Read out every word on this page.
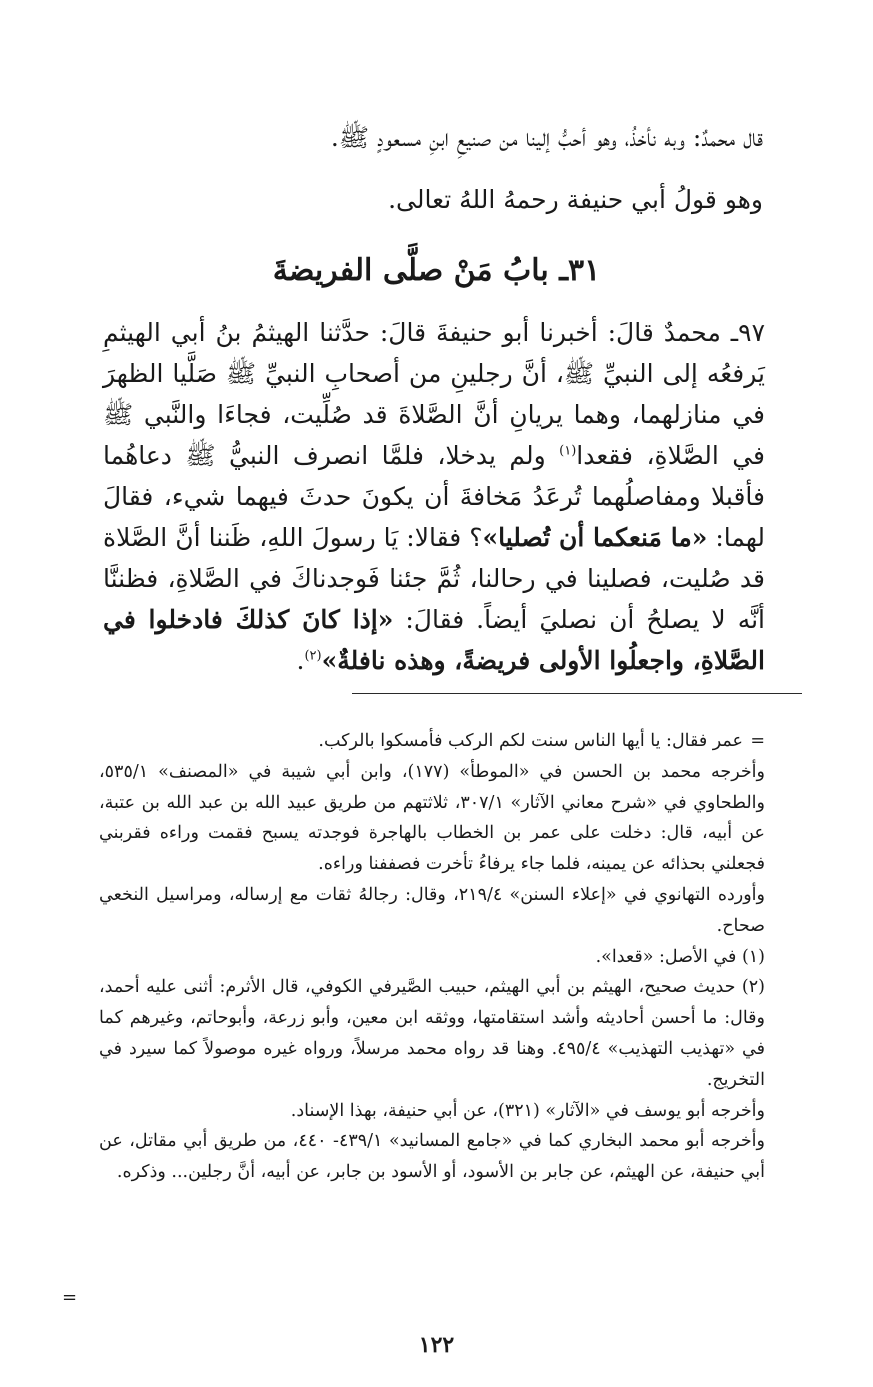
قال محمدٌ: وبه نأخذُ، وهو أحبُّ إلينا من صنيعِ ابنِ مسعودٍ ﷺ.
وهو قولُ أبي حنيفة رحمهُ اللهُ تعالى.
٣١ـ بابُ مَنْ صلَّى الفريضةَ
٩٧ـ محمدٌ قالَ: أخبرنا أبو حنيفةَ قالَ: حدَّثنا الهيثمُ بنُ أبي الهيثمِ يَرفعُه إلى النبيِّ ﷺ، أنَّ رجلينِ من أصحابِ النبيِّ ﷺ صَلَّيا الظهرَ في منازلهما، وهما يريانِ أنَّ الصَّلاةَ قد صُلِّيت، فجاءَا والنَّبي ﷺ في الصَّلاةِ، فقعدا$^{(١)}$ ولم يدخلا، فلمَّا انصرف النبيُّ ﷺ دعاهُما فأقبلا ومفاصلُهما تُرعَدُ مَخافةَ أن يكونَ حدثَ فيهما شيء، فقالَ لهما: «ما مَنعكما أن تُصليا»؟ فقالا: يَا رسولَ اللهِ، ظَننا أنَّ الصَّلاة قد صُليت، فصلينا في رحالنا، ثُمَّ جئنا فَوجدناكَ في الصَّلاةِ، فظننَّا أنَّه لا يصلحُ أن نصليَ أيضاً. فقالَ: «إذا كانَ كذلكَ فادخلوا في الصَّلاةِ، واجعلُوا الأولى فريضةً، وهذه نافلةٌ»$^{(٢)}$.

=عمر فقال: يا أيها الناس سنت لكم الركب فأمسكوا بالركب.

وأخرجه محمد بن الحسن في «الموطأ» (١٧٧)، وابن أبي شيبة في «المصنف» ٥٣٥/١، والطحاوي في «شرح معاني الآثار» ٣٠٧/١، ثلاثتهم من طريق عبيد الله بن عبد الله بن عتبة، عن أبيه، قال: دخلت على عمر بن الخطاب بالهاجرة فوجدته يسبح فقمت وراءه فقربني فجعلني بحذائه عن يمينه، فلما جاء يرفاءُ تأخرت فصففنا وراءه.

وأورده التهانوي في «إعلاء السنن» ٢١٩/٤، وقال: رجالهُ ثقات مع إرساله، ومراسيل النخعي صحاح.

(١) في الأصل: «قعدا».

(٢) حديث صحيح، الهيثم بن أبي الهيثم، حبيب الصَّيرفي الكوفي، قال الأثرم: أثنى عليه أحمد، وقال: ما أحسن أحاديثه وأشد استقامتها، ووثقه ابن معين، وأبو زرعة، وأبوحاتم، وغيرهم كما في «تهذيب التهذيب» ٤٩٥/٤. وهنا قد رواه محمد مرسلاً، ورواه غيره موصولاً كما سيرد في التخريج.

وأخرجه أبو يوسف في «الآثار» (٣٢١)، عن أبي حنيفة، بهذا الإسناد.

وأخرجه أبو محمد البخاري كما في «جامع المسانيد» ٤٣٩/١- ٤٤٠، من طريق أبي مقاتل، عن أبي حنيفة، عن الهيثم، عن جابر بن الأسود، أو الأسود بن جابر، عن أبيه، أنَّ رجلين... وذكره.

=
١٢٢
